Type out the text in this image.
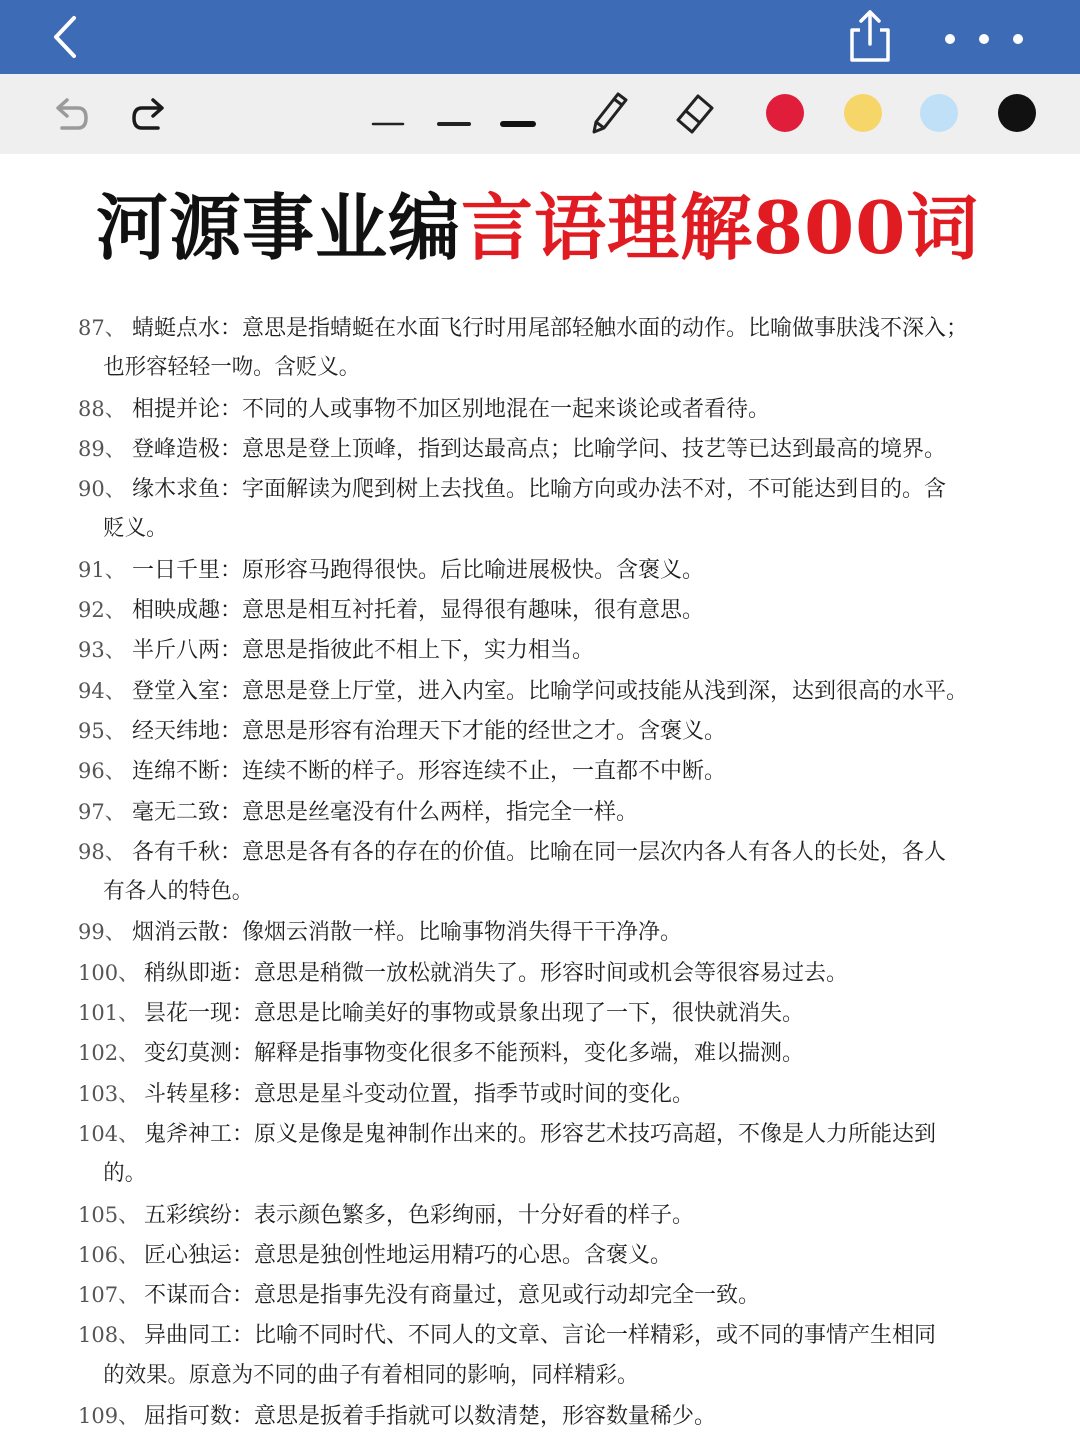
河源事业编言语理解800词
87、 蜻蜓点水：意思是指蜻蜓在水面飞行时用尾部轻触水面的动作。比喻做事肤浅不深入；
也形容轻轻一吻。含贬义。
88、 相提并论：不同的人或事物不加区别地混在一起来谈论或者看待。
89、 登峰造极：意思是登上顶峰，指到达最高点；比喻学问、技艺等已达到最高的境界。
90、 缘木求鱼：字面解读为爬到树上去找鱼。比喻方向或办法不对，不可能达到目的。含
贬义。
91、 一日千里：原形容马跑得很快。后比喻进展极快。含褒义。
92、 相映成趣：意思是相互衬托着，显得很有趣味，很有意思。
93、 半斤八两：意思是指彼此不相上下，实力相当。
94、 登堂入室：意思是登上厅堂，进入内室。比喻学问或技能从浅到深，达到很高的水平。
95、 经天纬地：意思是形容有治理天下才能的经世之才。含褒义。
96、 连绵不断：连续不断的样子。形容连续不止，一直都不中断。
97、 毫无二致：意思是丝毫没有什么两样，指完全一样。
98、 各有千秋：意思是各有各的存在的价值。比喻在同一层次内各人有各人的长处，各人
有各人的特色。
99、 烟消云散：像烟云消散一样。比喻事物消失得干干净净。
100、 稍纵即逝：意思是稍微一放松就消失了。形容时间或机会等很容易过去。
101、 昙花一现：意思是比喻美好的事物或景象出现了一下，很快就消失。
102、 变幻莫测：解释是指事物变化很多不能预料，变化多端，难以揣测。
103、 斗转星移：意思是星斗变动位置，指季节或时间的变化。
104、 鬼斧神工：原义是像是鬼神制作出来的。形容艺术技巧高超，不像是人力所能达到
的。
105、 五彩缤纷：表示颜色繁多，色彩绚丽，十分好看的样子。
106、 匠心独运：意思是独创性地运用精巧的心思。含褒义。
107、 不谋而合：意思是指事先没有商量过，意见或行动却完全一致。
108、 异曲同工：比喻不同时代、不同人的文章、言论一样精彩，或不同的事情产生相同
的效果。原意为不同的曲子有着相同的影响，同样精彩。
109、 屈指可数：意思是扳着手指就可以数清楚，形容数量稀少。
